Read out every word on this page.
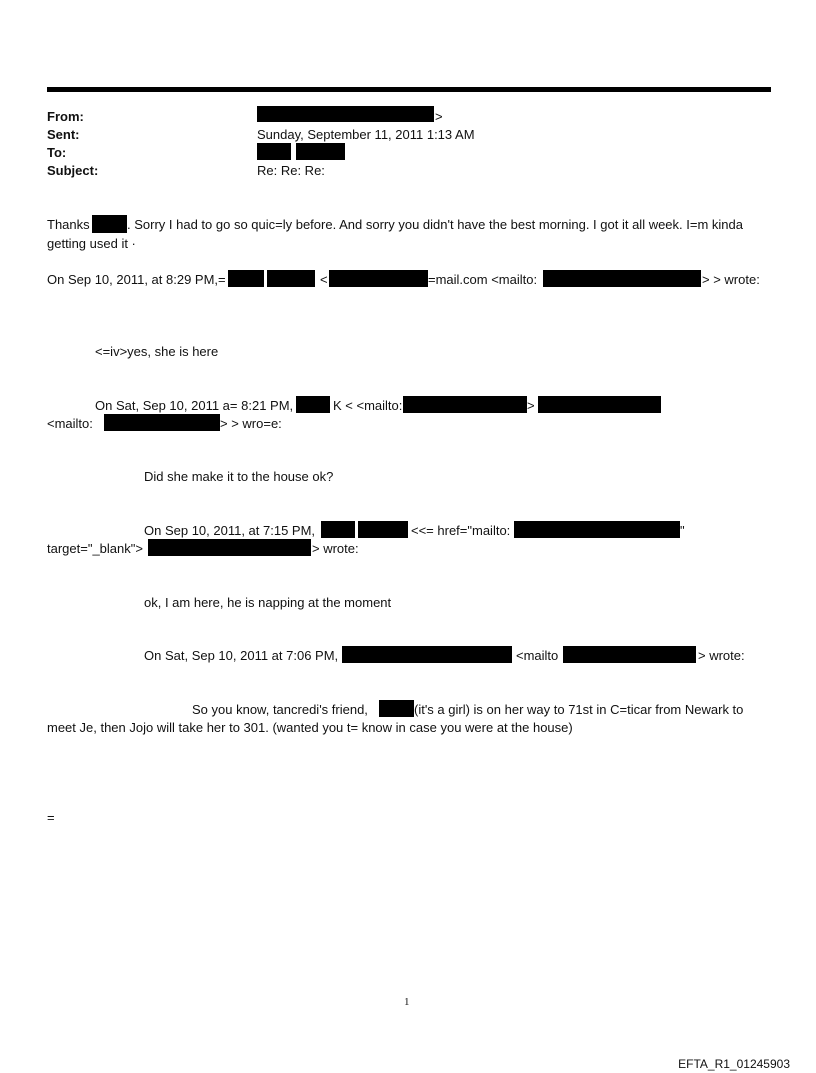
From:	>
Sent:	Sunday, September 11, 2011 1:13 AM
To:
Subject:	Re: Re: Re:
Thanks	. Sorry I had to go so quic=ly before. And sorry you didn't have the best morning. I got it all week. I=m kinda
getting used it ·
On Sep 10, 2011, at 8:29 PM,=	<	=mail.com <mailto:	> > wrote:
<=iv>yes, she is here
On Sat, Sep 10, 2011 a= 8:21 PM,	K < <mailto:	>
<mailto:	> > wro=e:
Did she make it to the house ok?
On Sep 10, 2011, at 7:15 PM,	<<= href="mailto:	"
target="_blank">	> wrote:
ok, I am here, he is napping at the moment
On Sat, Sep 10, 2011 at 7:06 PM,	<mailto	> wrote:
So you know, tancredi's friend,	(it's a girl) is on her way to 71st in C=ticar from Newark to
meet Je, then Jojo will take her to 301. (wanted you t= know in case you were at the house)
=
1
EFTA_R1_01245903
